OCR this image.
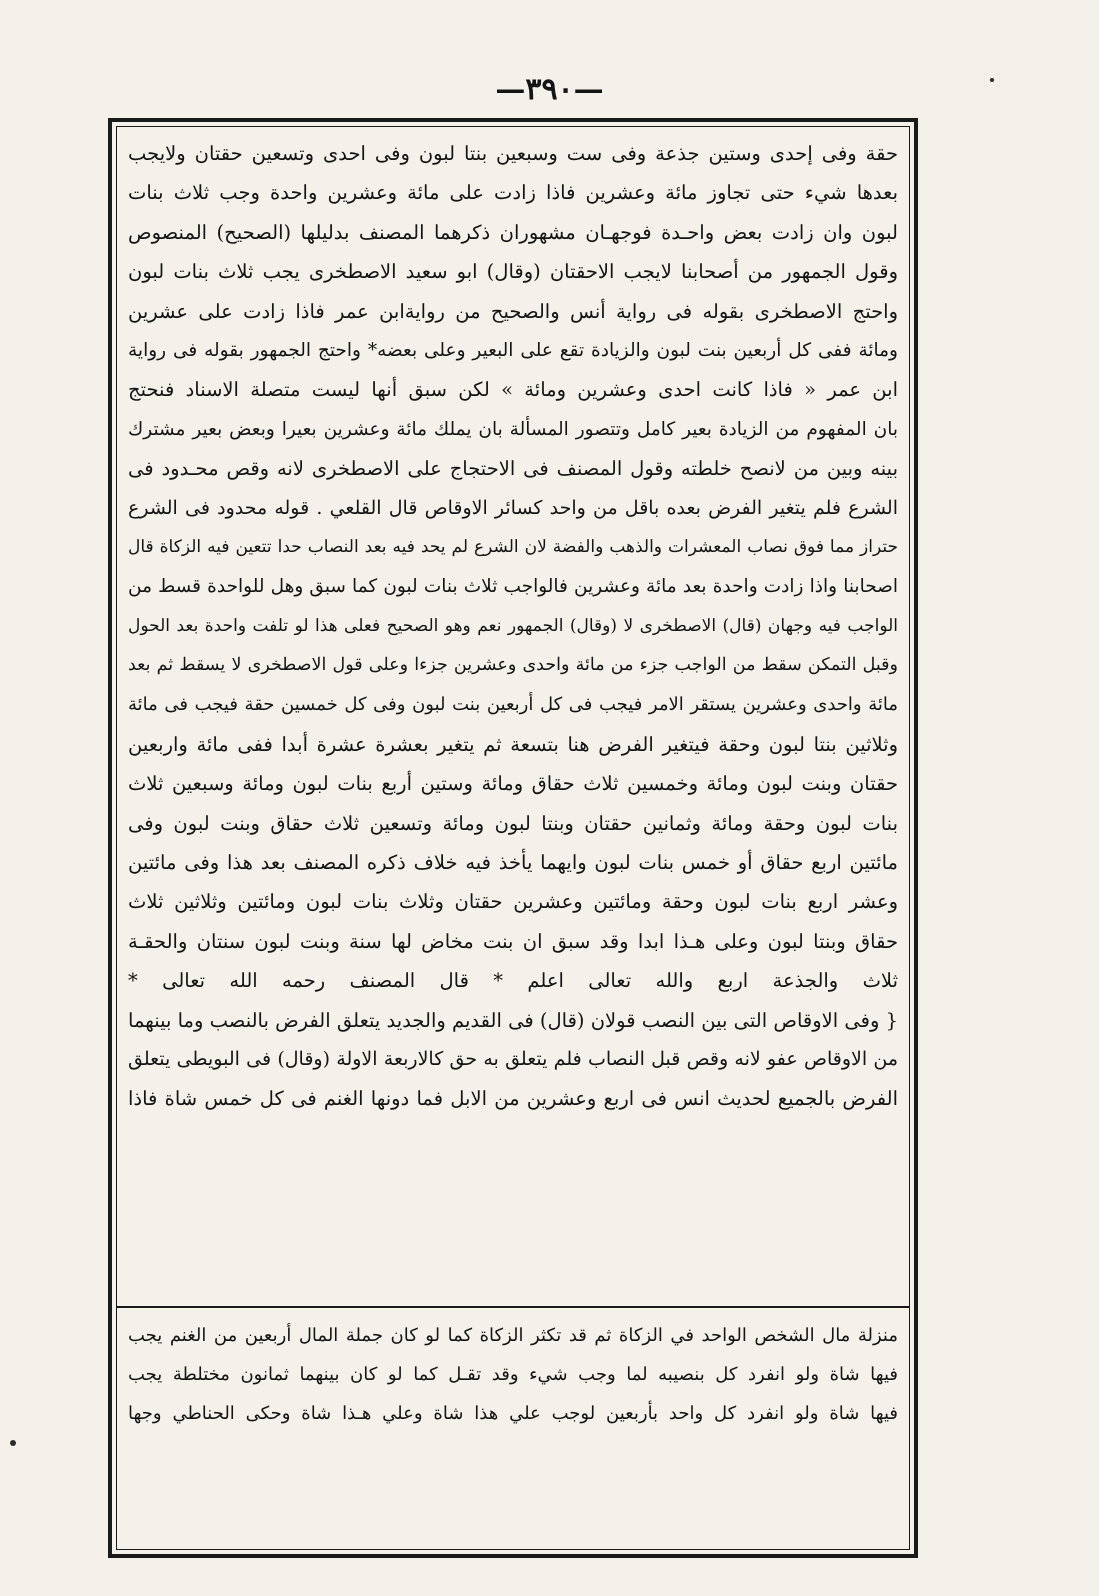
—٣٩٠—
حقة وفى إحدى وستين جذعة وفى ست وسبعين بنتا لبون وفى احدى وتسعين حقتان ولايجب
بعدها شيء حتى تجاوز مائة وعشرين فاذا زادت على مائة وعشرين واحدة وجب ثلاث بنات
لبون وان زادت بعض واحـدة فوجهـان مشهوران ذكرهما المصنف بدليلها (الصحيح) المنصوص
وقول الجمهور من أصحابنا لايجب الاحقتان (وقال) ابو سعيد الاصطخرى يجب ثلاث بنات لبون
واحتج الاصطخرى بقوله فى رواية أنس والصحيح من روايةابن عمر فاذا زادت على عشرين
ومائة ففى كل أربعين بنت لبون والزيادة تقع على البعير وعلى بعضه* واحتج الجمهور بقوله فى رواية
ابن عمر « فاذا كانت احدى وعشرين ومائة » لكن سبق أنها ليست متصلة الاسناد فنحتج
بان المفهوم من الزيادة بعير كامل وتتصور المسألة بان يملك مائة وعشرين بعيرا وبعض بعير مشترك
بينه وبين من لانصح خلطته وقول المصنف فى الاحتجاج على الاصطخرى لانه وقص محـدود فى
الشرع فلم يتغير الفرض بعده باقل من واحد كسائر الاوقاص قال القلعي . قوله محدود فى الشرع
حتراز مما فوق نصاب المعشرات والذهب والفضة لان الشرع لم يحد فيه بعد النصاب حدا تتعين فيه الزكاة قال
اصحابنا واذا زادت واحدة بعد مائة وعشرين فالواجب ثلاث بنات لبون كما سبق وهل للواحدة قسط من
الواجب فيه وجهان (قال) الاصطخرى لا (وقال) الجمهور نعم وهو الصحيح فعلى هذا لو تلفت واحدة بعد الحول
وقبل التمكن سقط من الواجب جزء من مائة واحدى وعشرين جزءا وعلى قول الاصطخرى لا يسقط ثم بعد
مائة واحدى وعشرين يستقر الامر فيجب فى كل أربعين بنت لبون وفى كل خمسين حقة فيجب فى مائة
وثلاثين بنتا لبون وحقة فيتغير الفرض هنا بتسعة ثم يتغير بعشرة عشرة أبدا ففى مائة واربعين
حقتان وبنت لبون ومائة وخمسين ثلاث حقاق ومائة وستين أربع بنات لبون ومائة وسبعين ثلاث
بنات لبون وحقة ومائة وثمانين حقتان وبنتا لبون ومائة وتسعين ثلاث حقاق وبنت لبون وفى
مائتين اربع حقاق أو خمس بنات لبون وايهما يأخذ فيه خلاف ذكره المصنف بعد هذا وفى مائتين
وعشر اربع بنات لبون وحقة ومائتين وعشرين حقتان وثلاث بنات لبون ومائتين وثلاثين ثلاث
حقاق وبنتا لبون وعلى هـذا ابدا وقد سبق ان بنت مخاض لها سنة وبنت لبون سنتان والحقـة
ثلاث والجذعة اربع والله تعالى اعلم * قال المصنف رحمه الله تعالى *
{ وفى الاوقاص التى بين النصب قولان (قال) فى القديم والجديد يتعلق الفرض بالنصب وما بينهما
من الاوقاص عفو لانه وقص قبل النصاب فلم يتعلق به حق كالاربعة الاولة (وقال) فى البويطى يتعلق
الفرض بالجميع لحديث انس فى اربع وعشرين من الابل فما دونها الغنم فى كل خمس شاة فاذا
منزلة مال الشخص الواحد في الزكاة ثم قد تكثر الزكاة كما لو كان جملة المال أربعين من الغنم يجب
فيها شاة ولو انفرد كل بنصيبه لما وجب شيء وقد تقـل كما لو كان بينهما ثمانون مختلطة يجب
فيها شاة ولو انفرد كل واحد بأربعين لوجب علي هذا شاة وعلي هـذا شاة وحكى الحناطي وجها
